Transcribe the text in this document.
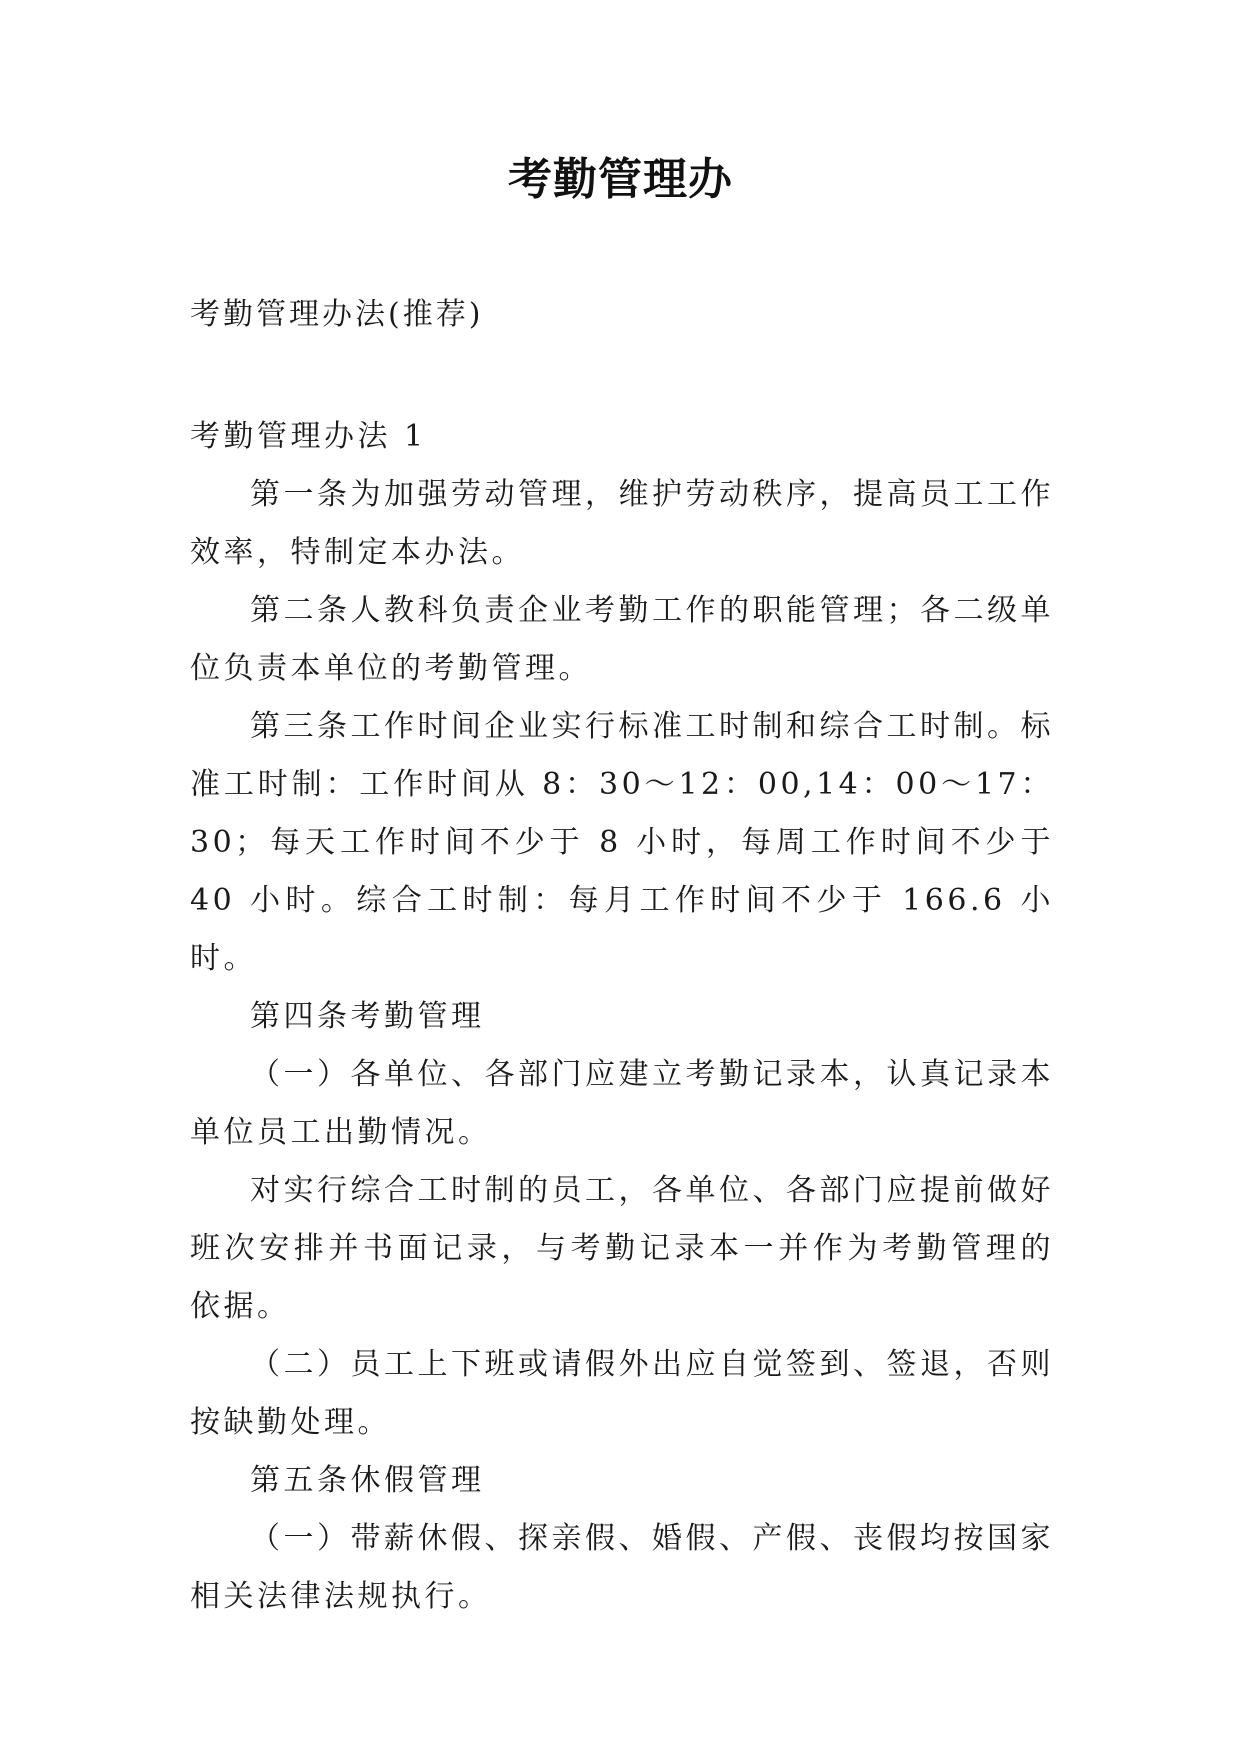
考勤管理办

考勤管理办法(推荐)

考勤管理办法 1

第一条为加强劳动管理，维护劳动秩序，提高员工工作效率，特制定本办法。

第二条人教科负责企业考勤工作的职能管理；各二级单位负责本单位的考勤管理。

第三条工作时间企业实行标准工时制和综合工时制。标准工时制：工作时间从 8：30～12：00,14：00～17：30；每天工作时间不少于 8 小时，每周工作时间不少于 40 小时。综合工时制：每月工作时间不少于 166.6 小时。

第四条考勤管理

（一）各单位、各部门应建立考勤记录本，认真记录本单位员工出勤情况。

对实行综合工时制的员工，各单位、各部门应提前做好班次安排并书面记录，与考勤记录本一并作为考勤管理的依据。

（二）员工上下班或请假外出应自觉签到、签退，否则按缺勤处理。

第五条休假管理

（一）带薪休假、探亲假、婚假、产假、丧假均按国家相关法律法规执行。
